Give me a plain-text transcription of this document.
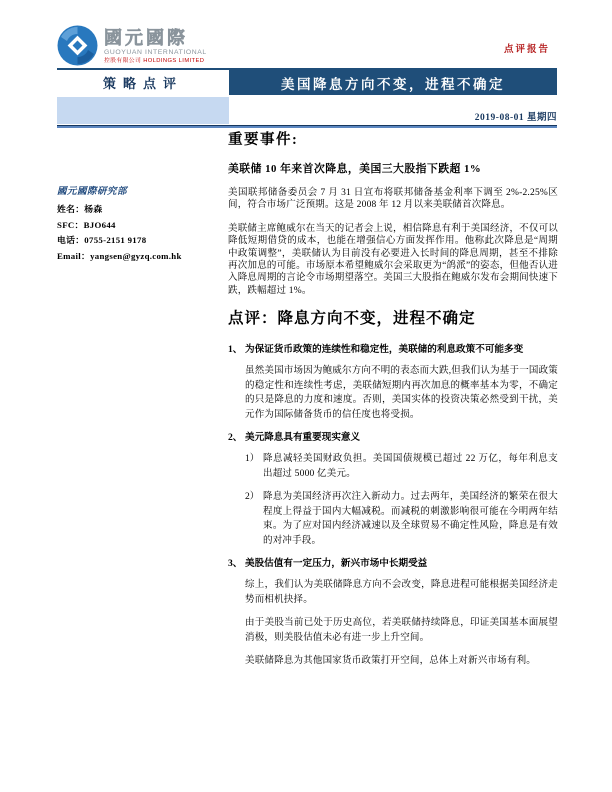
國元國際
GUOYUAN INTERNATIONAL
控股有限公司 HOLDINGS LIMITED
点评报告
策略点评	美国降息方向不变，进程不确定
2019-08-01 星期四
國元國際研究部
姓名：杨森
SFC：BJO644
电话：0755-2151 9178
Email：yangsen@gyzq.com.hk
重要事件:
美联储 10 年来首次降息，美国三大股指下跌超 1%

美国联邦储备委员会 7 月 31 日宣布将联邦储备基金利率下调至 2%-2.25%区间，符合市场广泛预期。这是 2008 年 12 月以来美联储首次降息。

美联储主席鲍威尔在当天的记者会上说，相信降息有利于美国经济，不仅可以降低短期借贷的成本，也能在增强信心方面发挥作用。他称此次降息是“周期中政策调整”，美联储认为目前没有必要进入长时间的降息周期，甚至不排除再次加息的可能。市场原本希望鲍威尔会采取更为“鸽派”的姿态，但他否认进入降息周期的言论令市场期望落空。美国三大股指在鲍威尔发布会期间快速下跌，跌幅超过 1%。

点评：降息方向不变，进程不确定
1、 为保证货币政策的连续性和稳定性，美联储的利息政策不可能多变

虽然美国市场因为鲍威尔方向不明的表态而大跌,但我们认为基于一国政策的稳定性和连续性考虑，美联储短期内再次加息的概率基本为零，不确定的只是降息的力度和速度。否则，美国实体的投资决策必然受到干扰，美元作为国际储备货币的信任度也将受损。

2、 美元降息具有重要现实意义
1） 降息减轻美国财政负担。美国国债规模已超过 22 万亿，每年利息支出超过 5000 亿美元。
2） 降息为美国经济再次注入新动力。过去两年，美国经济的繁荣在很大程度上得益于国内大幅减税。而减税的刺激影响很可能在今明两年结束。为了应对国内经济减速以及全球贸易不确定性风险，降息是有效的对冲手段。
3、 美股估值有一定压力，新兴市场中长期受益

综上，我们认为美联储降息方向不会改变，降息进程可能根据美国经济走势而相机抉择。

由于美股当前已处于历史高位，若美联储持续降息，印证美国基本面展望消极，则美股估值未必有进一步上升空间。

美联储降息为其他国家货币政策打开空间，总体上对新兴市场有利。
